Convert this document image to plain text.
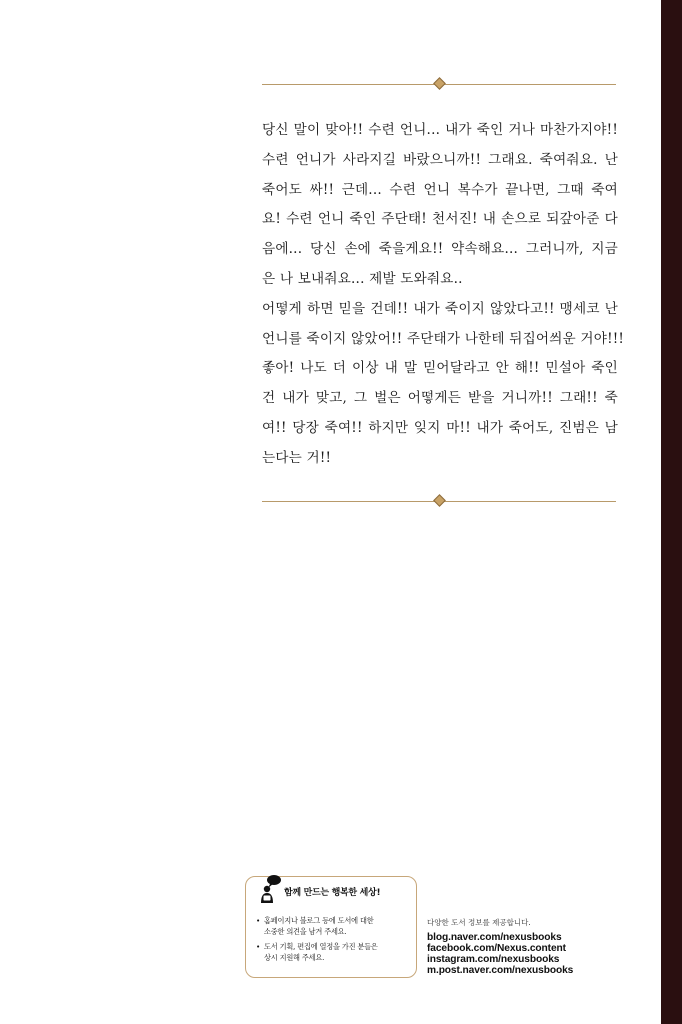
당신 말이 맞아!! 수련 언니... 내가 죽인 거나 마찬가지야!!
수련 언니가 사라지길 바랐으니까!! 그래요. 죽여줘요. 난
죽어도 싸!! 근데... 수련 언니 복수가 끝나면, 그때 죽여
요! 수련 언니 죽인 주단태! 천서진! 내 손으로 되갚아준 다
음에... 당신 손에 죽을게요!! 약속해요... 그러니까, 지금
은 나 보내줘요... 제발 도와줘요..
어떻게 하면 믿을 건데!! 내가 죽이지 않았다고!! 맹세코 난
언니를 죽이지 않았어!! 주단태가 나한테 뒤집어씌운 거야!!!
좋아! 나도 더 이상 내 말 믿어달라고 안 해!! 민설아 죽인
건 내가 맞고, 그 벌은 어떻게든 받을 거니까!! 그래!! 죽
여!! 당장 죽여!! 하지만 잊지 마!! 내가 죽어도, 진범은 남
는다는 거!!
함께 만드는 행복한 세상!
• 홈페이지나 블로그 등에 도서에 대한
소중한 의견을 남겨 주세요.
• 도서 기획, 편집에 열정을 가진 분들은
상시 지원해 주세요.
다양한 도서 정보를 제공합니다.
blog.naver.com/nexusbooks
facebook.com/Nexus.content
instagram.com/nexusbooks
m.post.naver.com/nexusbooks
